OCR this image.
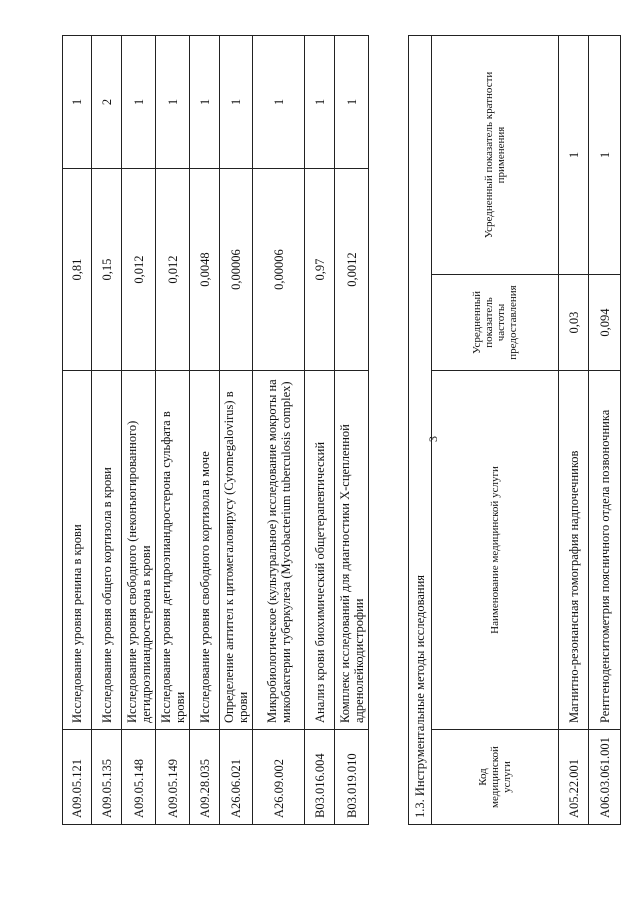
3
A09.05.121	Исследование уровня ренина в крови	0,81	1
A09.05.135	Исследование уровня общего кортизола в крови	0,15	2
A09.05.148	Исследование уровня свободного (неконъюгированного) дегидроэпиандростерона в крови	0,012	1
A09.05.149	Исследование уровня дегидроэпиандростерона сульфата в крови	0,012	1
A09.28.035	Исследование уровня свободного кортизола в моче	0,0048	1
A26.06.021	Определение антител к цитомегаловирусу (Cytomegalovirus) в крови	0,00006	1
A26.09.002	Микробиологическое (культуральное) исследование мокроты на микобактерии туберкулеза (Mycobacterium tuberculosis complex)	0,00006	1
B03.016.004	Анализ крови биохимический общетерапевтический	0,97	1
B03.019.010	Комплекс исследований для диагностики X-сцепленной адренолейкодистрофии	0,0012	1
1.3. Инструментальные методы исследования			
Код медицинской услуги	Наименование медицинской услуги	Усредненный показатель частоты предоставления	Усредненный показатель кратности применения
A05.22.001	Магнитно-резонансная томография надпочечников	0,03	1
A06.03.061.001	Рентгеноденситометрия поясничного отдела позвоночника	0,094	1
